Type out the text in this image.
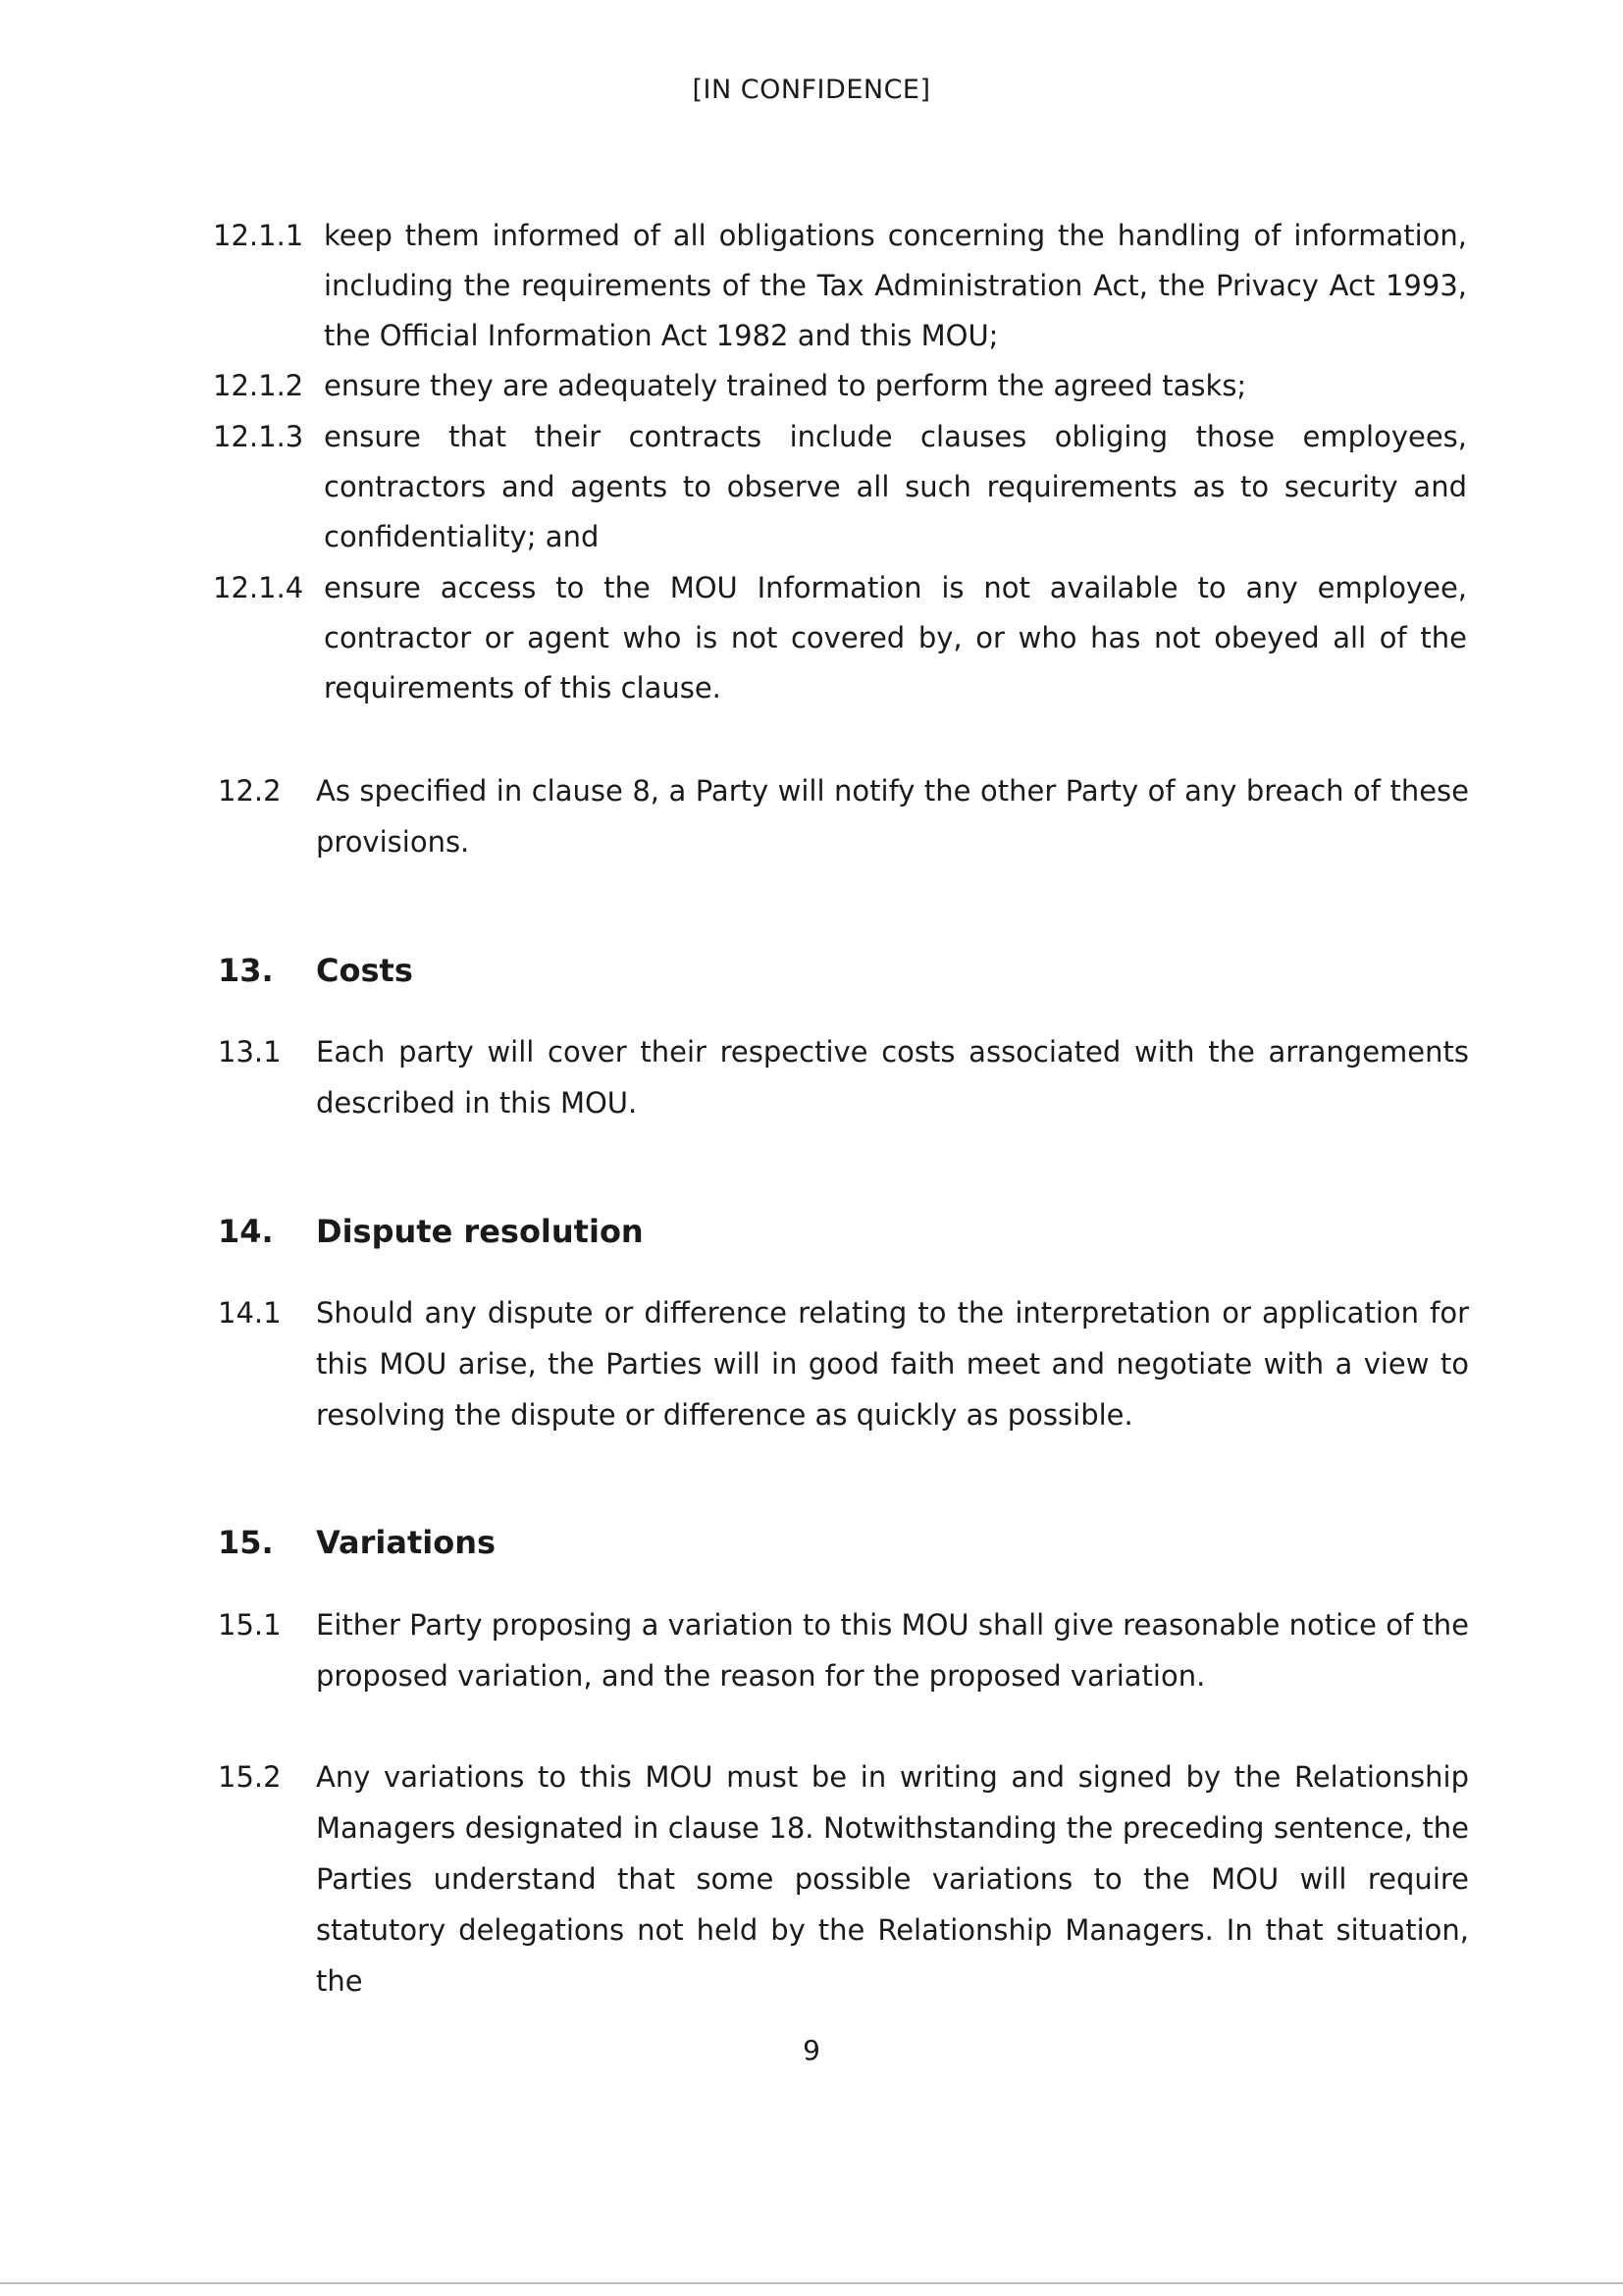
[IN CONFIDENCE]
12.1.1 keep them informed of all obligations concerning the handling of information, including the requirements of the Tax Administration Act, the Privacy Act 1993, the Official Information Act 1982 and this MOU;
12.1.2 ensure they are adequately trained to perform the agreed tasks;
12.1.3 ensure that their contracts include clauses obliging those employees, contractors and agents to observe all such requirements as to security and confidentiality; and
12.1.4 ensure access to the MOU Information is not available to any employee, contractor or agent who is not covered by, or who has not obeyed all of the requirements of this clause.
12.2	As specified in clause 8, a Party will notify the other Party of any breach of these provisions.
13. Costs
13.1	Each party will cover their respective costs associated with the arrangements described in this MOU.
14. Dispute resolution
14.1	Should any dispute or difference relating to the interpretation or application for this MOU arise, the Parties will in good faith meet and negotiate with a view to resolving the dispute or difference as quickly as possible.
15. Variations
15.1	Either Party proposing a variation to this MOU shall give reasonable notice of the proposed variation, and the reason for the proposed variation.
15.2	Any variations to this MOU must be in writing and signed by the Relationship Managers designated in clause 18. Notwithstanding the preceding sentence, the Parties understand that some possible variations to the MOU will require statutory delegations not held by the Relationship Managers. In that situation, the
9
